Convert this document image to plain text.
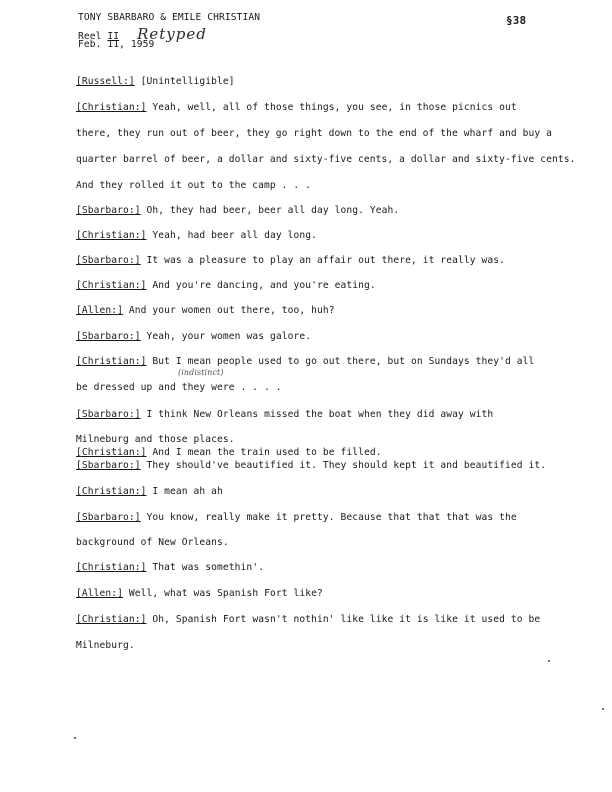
TONY SBARBARO & EMILE CHRISTIAN
Reel II Retyped
Feb. 11, 1959
§38
[Russell:] [Unintelligible]
[Christian:] Yeah, well, all of those things, you see, in those picnics out
there, they run out of beer, they go right down to the end of the wharf and buy a
quarter barrel of beer, a dollar and sixty-five cents, a dollar and sixty-five cents.
And they rolled it out to the camp . . .
[Sbarbaro:] Oh, they had beer, beer all day long. Yeah.
[Christian:] Yeah, had beer all day long.
[Sbarbaro:] It was a pleasure to play an affair out there, it really was.
[Christian:] And you're dancing, and you're eating.
[Allen:] And your women out there, too, huh?
[Sbarbaro:] Yeah, your women was galore.
[Christian:] But I mean people used to go out there, but on Sundays they'd all
(indistinct)
be dressed up and they were . . . .
[Sbarbaro:] I think New Orleans missed the boat when they did away with
Milneburg and those places.
[Christian:] And I mean the train used to be filled.
[Sbarbaro:] They should've beautified it. They should kept it and beautified it.
[Christian:] I mean ah ah
[Sbarbaro:] You know, really make it pretty. Because that that that was the
background of New Orleans.
[Christian:] That was somethin'.
[Allen:] Well, what was Spanish Fort like?
[Christian:] Oh, Spanish Fort wasn't nothin' like like it is like it used to be
Milneburg.
